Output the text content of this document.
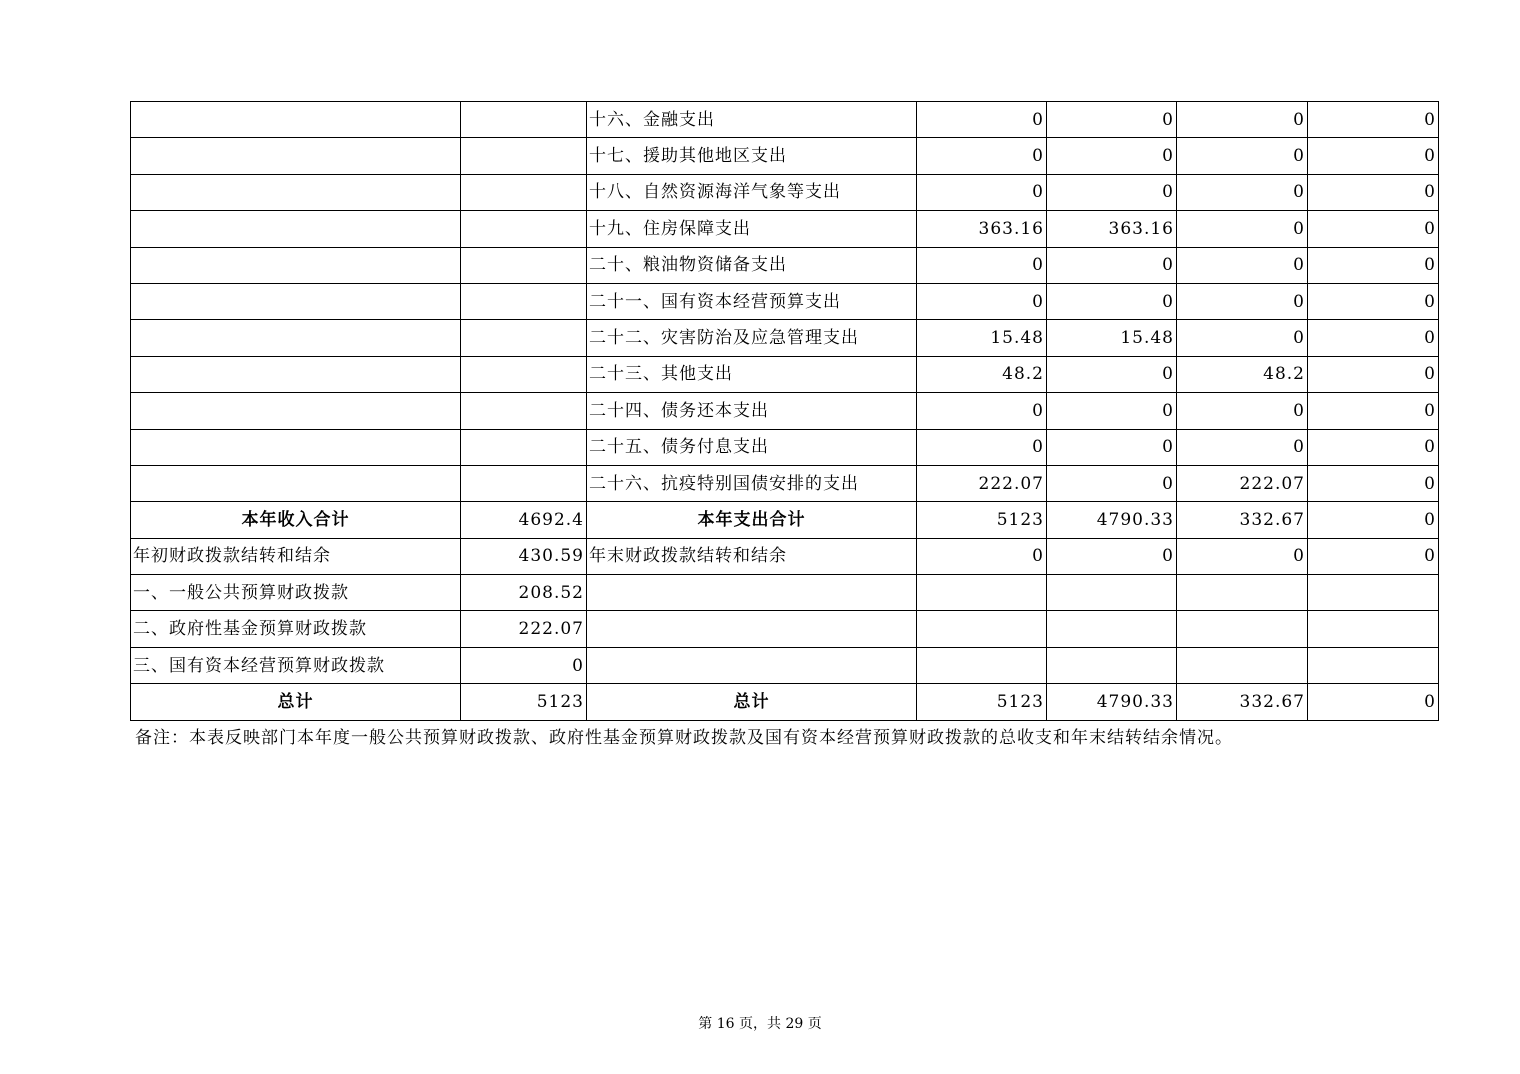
		十六、金融支出	0	0	0	0
		十七、援助其他地区支出	0	0	0	0
		十八、自然资源海洋气象等支出	0	0	0	0
		十九、住房保障支出	363.16	363.16	0	0
		二十、粮油物资储备支出	0	0	0	0
		二十一、国有资本经营预算支出	0	0	0	0
		二十二、灾害防治及应急管理支出	15.48	15.48	0	0
		二十三、其他支出	48.2	0	48.2	0
		二十四、债务还本支出	0	0	0	0
		二十五、债务付息支出	0	0	0	0
		二十六、抗疫特别国债安排的支出	222.07	0	222.07	0
本年收入合计	4692.4	本年支出合计	5123	4790.33	332.67	0
年初财政拨款结转和结余	430.59	年末财政拨款结转和结余	0	0	0	0
一、一般公共预算财政拨款	208.52					
二、政府性基金预算财政拨款	222.07					
三、国有资本经营预算财政拨款	0					
总计	5123	总计	5123	4790.33	332.67	0
备注：本表反映部门本年度一般公共预算财政拨款、政府性基金预算财政拨款及国有资本经营预算财政拨款的总收支和年末结转结余情况。
第 16 页，共 29 页
